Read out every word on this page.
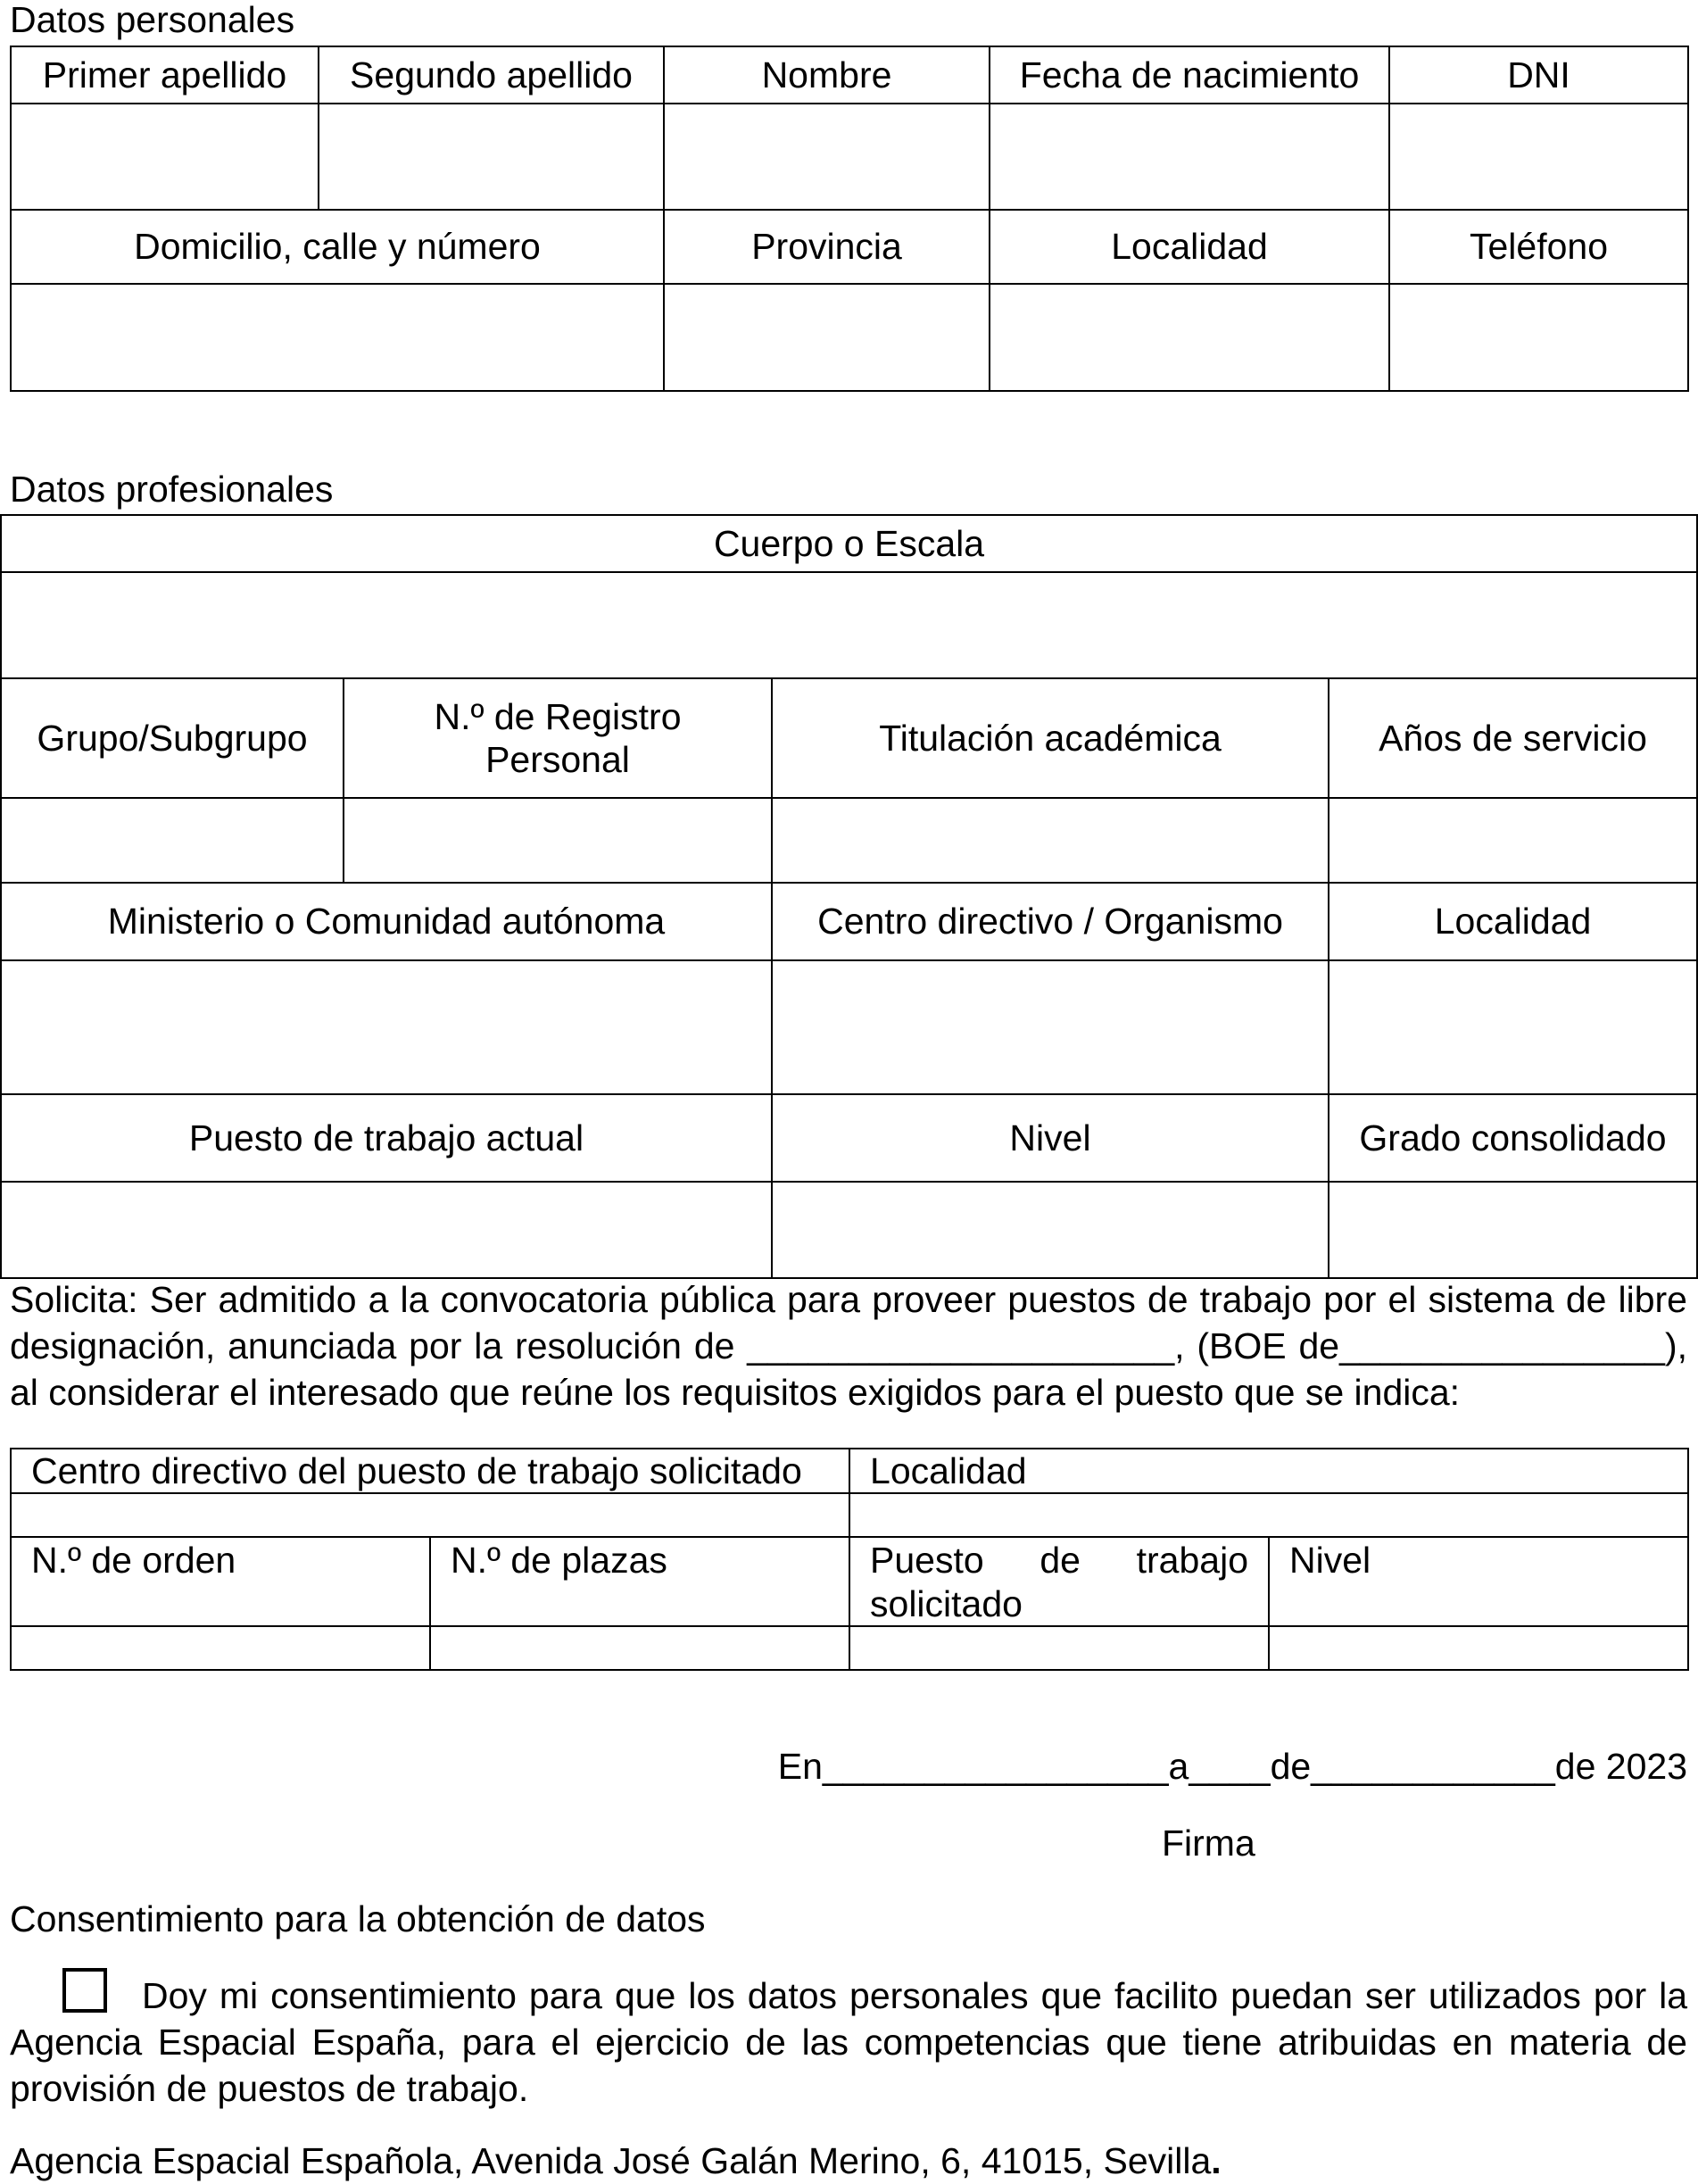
Datos personales
Primer apellido	Segundo apellido	Nombre	Fecha de nacimiento	DNI

Domicilio, calle y número		Provincia	Localidad	Teléfono

Datos profesionales
Cuerpo o Escala			

Grupo/Subgrupo	N.º de Registro Personal	Titulación académica	Años de servicio

Ministerio o Comunidad autónoma		Centro directivo / Organismo	Localidad

Puesto de trabajo actual		Nivel	Grado consolidado

Solicita: Ser admitido a la convocatoria pública para proveer puestos de trabajo por el sistema de libre
designación, anunciada por la resolución de _____________________, (BOE de________________),
al considerar el interesado que reúne los requisitos exigidos para el puesto que se indica:
Centro directivo del puesto de trabajo solicitado		Localidad	

N.º de orden	N.º de plazas	Puesto de trabajo solicitado	Nivel

En_________________a____de____________de 2023
Firma
Consentimiento para la obtención de datos
Doy mi consentimiento para que los datos personales que facilito puedan ser utilizados por la Agencia Espacial España, para el ejercicio de las competencias que tiene atribuidas en materia de provisión de puestos de trabajo.
Agencia Espacial Española, Avenida José Galán Merino, 6, 41015, Sevilla.
